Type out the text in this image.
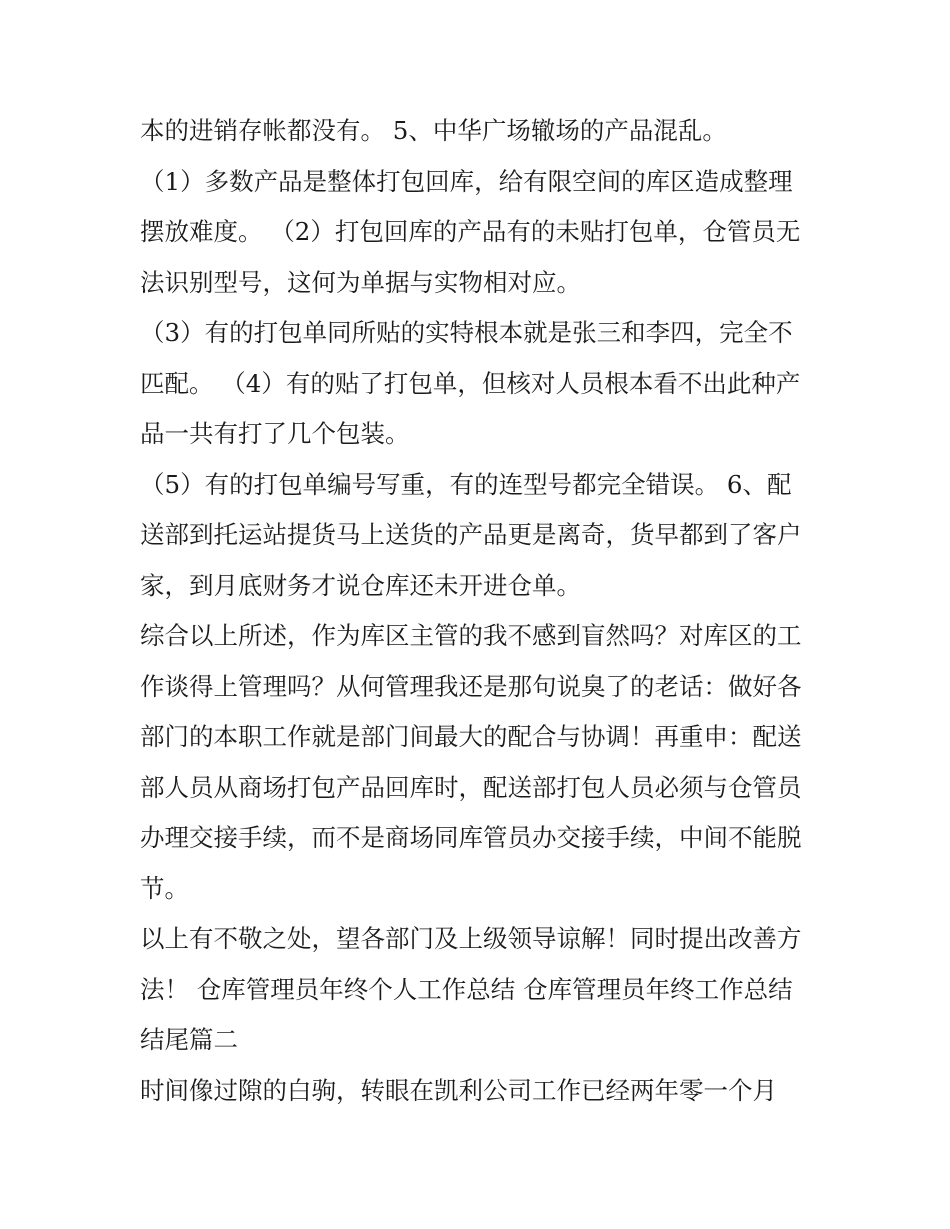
本的进销存帐都没有。 5、中华广场辙场的产品混乱。
（1）多数产品是整体打包回库，给有限空间的库区造成整理
摆放难度。 （2）打包回库的产品有的未贴打包单，仓管员无
法识别型号，这何为单据与实物相对应。
（3）有的打包单同所贴的实特根本就是张三和李四，完全不
匹配。 （4）有的贴了打包单，但核对人员根本看不出此种产
品一共有打了几个包装。
（5）有的打包单编号写重，有的连型号都完全错误。 6、配
送部到托运站提货马上送货的产品更是离奇，货早都到了客户
家，到月底财务才说仓库还未开进仓单。
综合以上所述，作为库区主管的我不感到盲然吗？对库区的工
作谈得上管理吗？从何管理我还是那句说臭了的老话：做好各
部门的本职工作就是部门间最大的配合与协调！再重申：配送
部人员从商场打包产品回库时，配送部打包人员必须与仓管员
办理交接手续，而不是商场同库管员办交接手续，中间不能脱
节。
以上有不敬之处，望各部门及上级领导谅解！同时提出改善方
法！ 仓库管理员年终个人工作总结 仓库管理员年终工作总结
结尾篇二
时间像过隙的白驹，转眼在凯利公司工作已经两年零一个月
